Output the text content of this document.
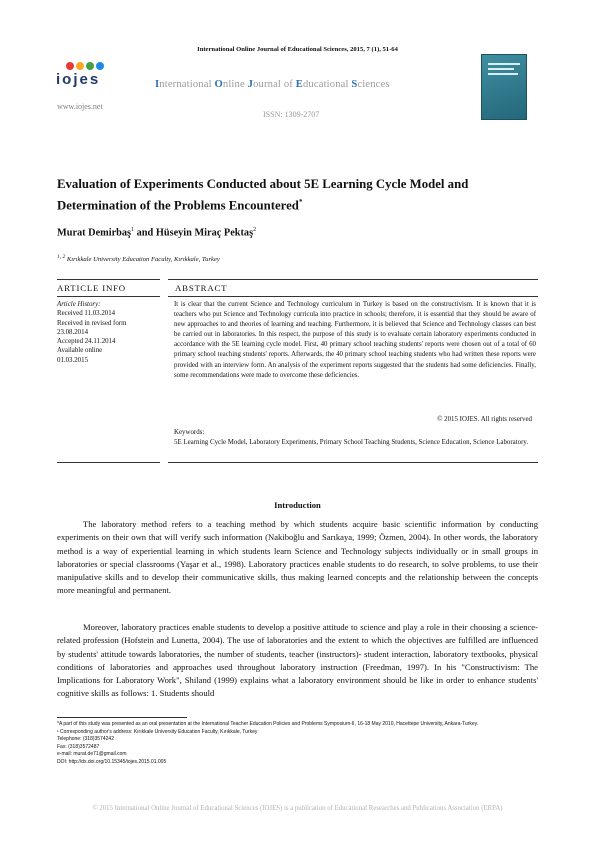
International Online Journal of Educational Sciences, 2015, 7 (1), 51-64
iojes
www.iojes.net
International Online Journal of Educational Sciences
ISSN: 1309-2707
Evaluation of Experiments Conducted about 5E Learning Cycle Model and Determination of the Problems Encountered*
Murat Demirbaş$^1$ and Hüseyin Miraç Pektaş$^2$
$^{1, 2}$ Kırıkkale University Education Faculty, Kırıkkale, Turkey
ARTICLE INFO	ABSTRACT
Article History:
Received 11.03.2014
Received in revised form
23.08.2014
Accepted 24.11.2014
Available online
01.03.2015
It is clear that the current Science and Technology curriculum in Turkey is based on the constructivism. It is known that it is teachers who put Science and Technology curricula into practice in schools; therefore, it is essential that they should be aware of new approaches to and theories of learning and teaching. Furthermore, it is believed that Science and Technology classes can best be carried out in laboratories. In this respect, the purpose of this study is to evaluate certain laboratory experiments conducted in accordance with the 5E learning cycle model. First, 40 primary school teaching students' reports were chosen out of a total of 60 primary school teaching students' reports. Afterwards, the 40 primary school teaching students who had written these reports were provided with an interview form. An analysis of the experiment reports suggested that the students had some deficiencies. Finally, some recommendations were made to overcome these deficiencies.
© 2015 IOJES. All rights reserved
Keywords:
5E Learning Cycle Model, Laboratory Experiments, Primary School Teaching Students, Science Education, Science Laboratory.
Introduction
The laboratory method refers to a teaching method by which students acquire basic scientific information by conducting experiments on their own that will verify such information (Nakiboğlu and Sarıkaya, 1999; Özmen, 2004). In other words, the laboratory method is a way of experiential learning in which students learn Science and Technology subjects individually or in small groups in laboratories or special classrooms (Yaşar et al., 1998). Laboratory practices enable students to do research, to solve problems, to use their manipulative skills and to develop their communicative skills, thus making learned concepts and the relationship between the concepts more meaningful and permanent.
Moreover, laboratory practices enable students to develop a positive attitude to science and play a role in their choosing a science-related profession (Hofstein and Lunetta, 2004). The use of laboratories and the extent to which the objectives are fulfilled are influenced by students' attitude towards laboratories, the number of students, teacher (instructors)- student interaction, laboratory textbooks, physical conditions of laboratories and approaches used throughout laboratory instruction (Freedman, 1997). In his "Constructivism: The Implications for Laboratory Work", Shiland (1999) explains what a laboratory environment should be like in order to enhance students' cognitive skills as follows: 1. Students should
*A part of this study was presented as an oral presentation at the International Teacher Education Policies and Problems Symposium-II, 16-18 May 2010, Hacettepe University, Ankara-Turkey.
¹ Corresponding author's address: Kırıkkale University Education Faculty, Kırıkkale, Turkey
Telephone: (318)3574242
Fax: (318)3572487
e-mail: murat.de71@gmail.com
DOI: http://dx.doi.org/10.15345/iojes.2015.01.005
© 2015 International Online Journal of Educational Sciences (IOJES) is a publication of Educational Researches and Publications Association (ERPA)
